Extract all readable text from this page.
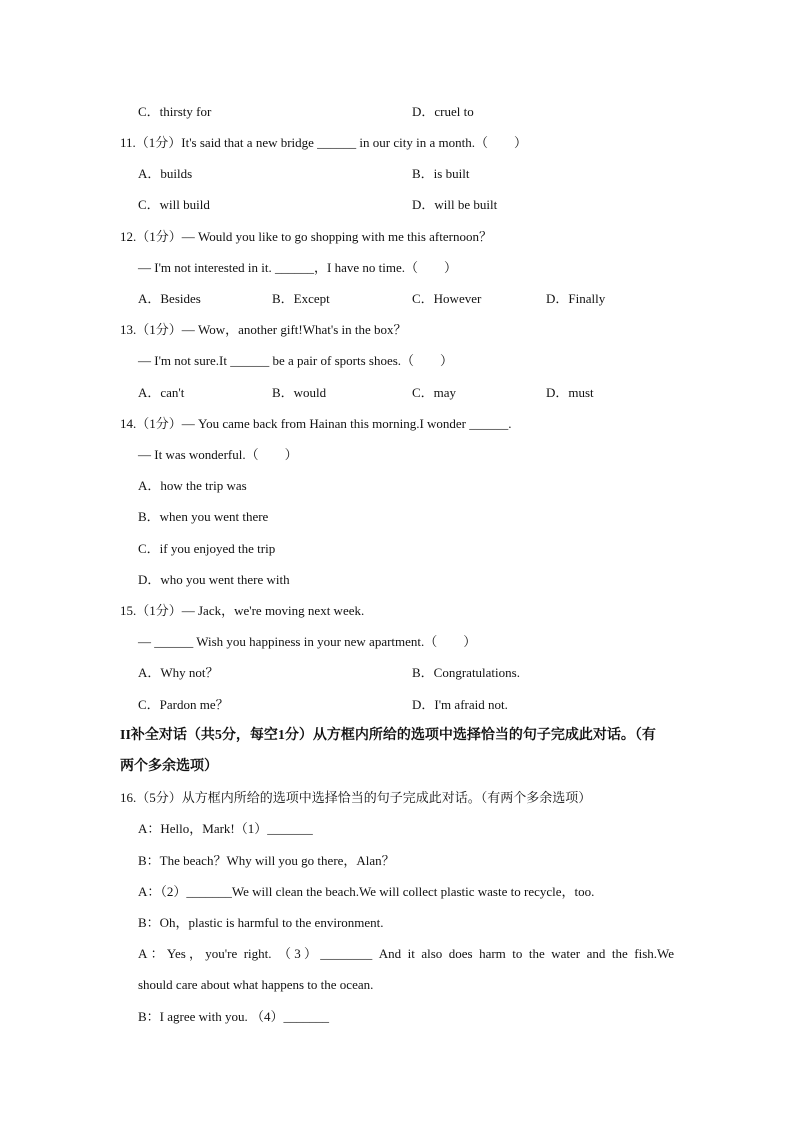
C．thirsty for	D．cruel to
11.（1分）It's said that a new bridge ______ in our city in a month.（　　）
A．builds	B．is built
C．will build	D．will be built
12.（1分）— Would you like to go shopping with me this afternoon？
— I'm not interested in it. ______，I have no time.（　　）
A．Besides	B．Except	C．However	D．Finally
13.（1分）— Wow，another gift!What's in the box？
— I'm not sure.It ______ be a pair of sports shoes.（　　）
A．can't	B．would	C．may	D．must
14.（1分）— You came back from Hainan this morning.I wonder ______.
— It was wonderful.（　　）
A．how the trip was
B．when you went there
C．if you enjoyed the trip
D．who you went there with
15.（1分）— Jack，we're moving next week.
— ______ Wish you happiness in your new apartment.（　　）
A．Why not？	B．Congratulations.
C．Pardon me？	D．I'm afraid not.
II补全对话（共5分，每空1分）从方框内所给的选项中选择恰当的句子完成此对话。（有
两个多余选项）
16.（5分）从方框内所给的选项中选择恰当的句子完成此对话。（有两个多余选项）
A：Hello，Mark!（1）_______
B：The beach？Why will you go there，Alan？
A：（2）_______We will clean the beach.We will collect plastic waste to recycle，too.
B：Oh，plastic is harmful to the environment.
A：Yes，you're right. （3）________ And it also does harm to the water and the fish.We
should care about what happens to the ocean.
B：I agree with you. （4）_______
